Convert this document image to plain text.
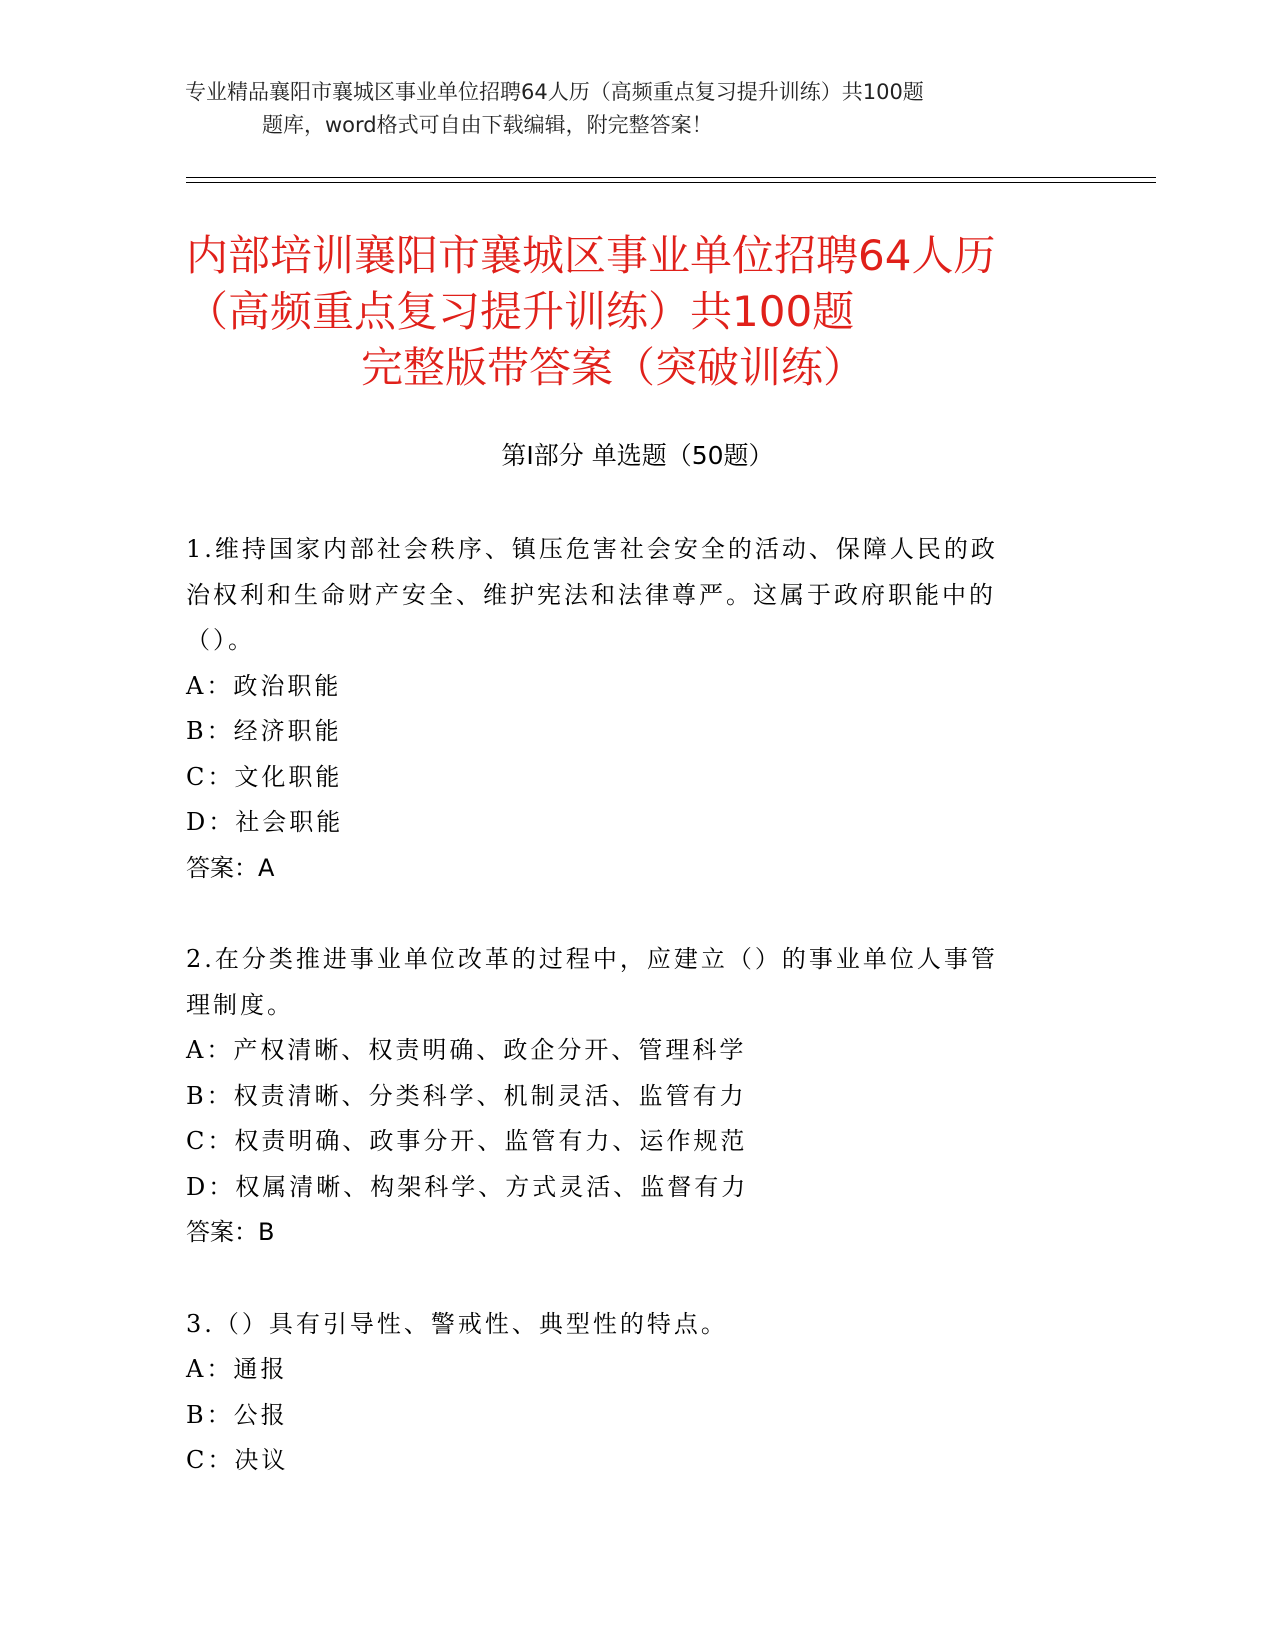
专业精品襄阳市襄城区事业单位招聘64人历（高频重点复习提升训练）共100题
题库，word格式可自由下载编辑，附完整答案！
内部培训襄阳市襄城区事业单位招聘64人历
（高频重点复习提升训练）共100题
完整版带答案（突破训练）
第Ⅰ部分 单选题（50题）
1.维持国家内部社会秩序、镇压危害社会安全的活动、保障人民的政
治权利和生命财产安全、维护宪法和法律尊严。这属于政府职能中的
（）。
A：政治职能
B：经济职能
C：文化职能
D：社会职能
答案：A
2.在分类推进事业单位改革的过程中，应建立（）的事业单位人事管
理制度。
A：产权清晰、权责明确、政企分开、管理科学
B：权责清晰、分类科学、机制灵活、监管有力
C：权责明确、政事分开、监管有力、运作规范
D：权属清晰、构架科学、方式灵活、监督有力
答案：B
3.（）具有引导性、警戒性、典型性的特点。
A：通报
B：公报
C：决议
